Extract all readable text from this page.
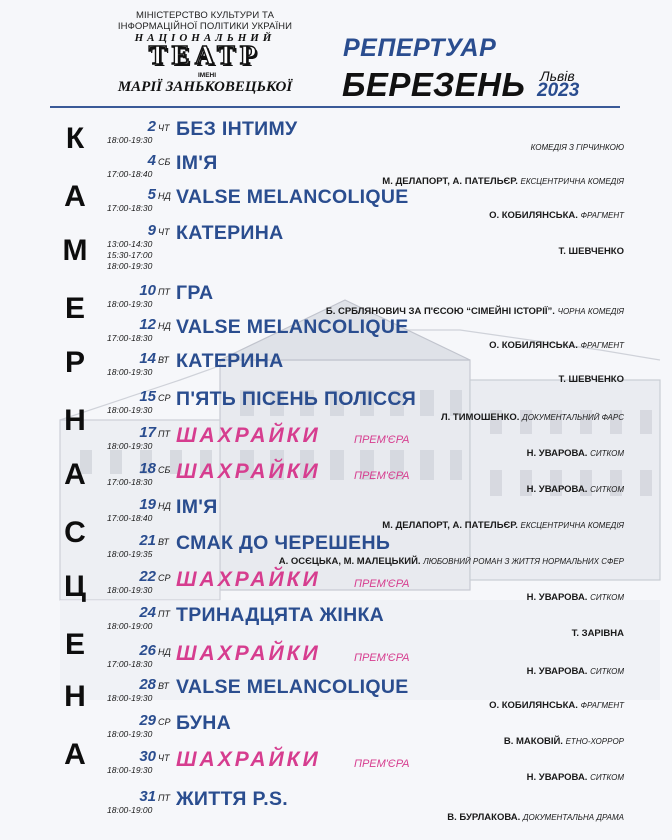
МІНІСТЕРСТВО КУЛЬТУРИ ТА
ІНФОРМАЦІЙНОЇ ПОЛІТИКИ УКРАЇНИ
НАЦІОНАЛЬНИЙ
ТЕАТР
ІМЕНІ
МАРІЇ ЗАНЬКОВЕЦЬКОЇ
РЕПЕРТУАР
БЕРЕЗЕНЬ Львів
2023
К
А
М
Е
Р
Н
А
С
Ц
Е
Н
А
2 ЧТ
18:00-19:30 БЕЗ ІНТИМУ
КОМЕДІЯ З ГІРЧИНКОЮ
4 СБ
17:00-18:40 ІМ'Я
М. ДЕЛАПОРТ, А. ПАТЕЛЬЄР. ЕКСЦЕНТРИЧНА КОМЕДІЯ
5 НД
17:00-18:30 VALSE MELANCOLIQUE
О. КОБИЛЯНСЬКА. ФРАГМЕНТ
9 ЧТ
13:00-14:30
15:30-17:00
18:00-19:30
КАТЕРИНА
Т. ШЕВЧЕНКО
10 ПТ
18:00-19:30 ГРА
Б. СРБЛЯНОВИЧ ЗА П'ЄСОЮ “СІМЕЙНІ ІСТОРІЇ”. ЧОРНА КОМЕДІЯ
12 НД
17:00-18:30 VALSE MELANCOLIQUE
О. КОБИЛЯНСЬКА. ФРАГМЕНТ
14 ВТ
18:00-19:30 КАТЕРИНА
Т. ШЕВЧЕНКО
15 СР
18:00-19:30 П'ЯТЬ ПІСЕНЬ ПОЛІССЯ
Л. ТИМОШЕНКО. ДОКУМЕНТАЛЬНИЙ ФАРС
17 ПТ
18:00-19:30 ШАХРАЙКИ	ПРЕМ'ЄРА
Н. УВАРОВА. СИТКОМ
18 СБ
17:00-18:30 ШАХРАЙКИ	ПРЕМ'ЄРА
Н. УВАРОВА. СИТКОМ
19 НД
17:00-18:40 ІМ'Я
М. ДЕЛАПОРТ, А. ПАТЕЛЬЄР. ЕКСЦЕНТРИЧНА КОМЕДІЯ
21 ВТ
18:00-19:35 СМАК ДО ЧЕРЕШЕНЬ
А. ОСЄЦЬКА, М. МАЛЕЦЬКИЙ. ЛЮБОВНИЙ РОМАН З ЖИТТЯ НОРМАЛЬНИХ СФЕР
22 СР
18:00-19:30 ШАХРАЙКИ	ПРЕМ'ЄРА
Н. УВАРОВА. СИТКОМ
24 ПТ
18:00-19:00 ТРИНАДЦЯТА ЖІНКА
Т. ЗАРІВНА
26 НД
17:00-18:30 ШАХРАЙКИ	ПРЕМ'ЄРА
Н. УВАРОВА. СИТКОМ
28 ВТ
18:00-19:30 VALSE MELANCOLIQUE
О. КОБИЛЯНСЬКА. ФРАГМЕНТ
29 СР
18:00-19:30 БУНА
В. МАКОВІЙ. ЕТНО-ХОРРОР
30 ЧТ
18:00-19:30 ШАХРАЙКИ	ПРЕМ'ЄРА
Н. УВАРОВА. СИТКОМ
31 ПТ
18:00-19:00 ЖИТТЯ P.S.
В. БУРЛАКОВА. ДОКУМЕНТАЛЬНА ДРАМА
